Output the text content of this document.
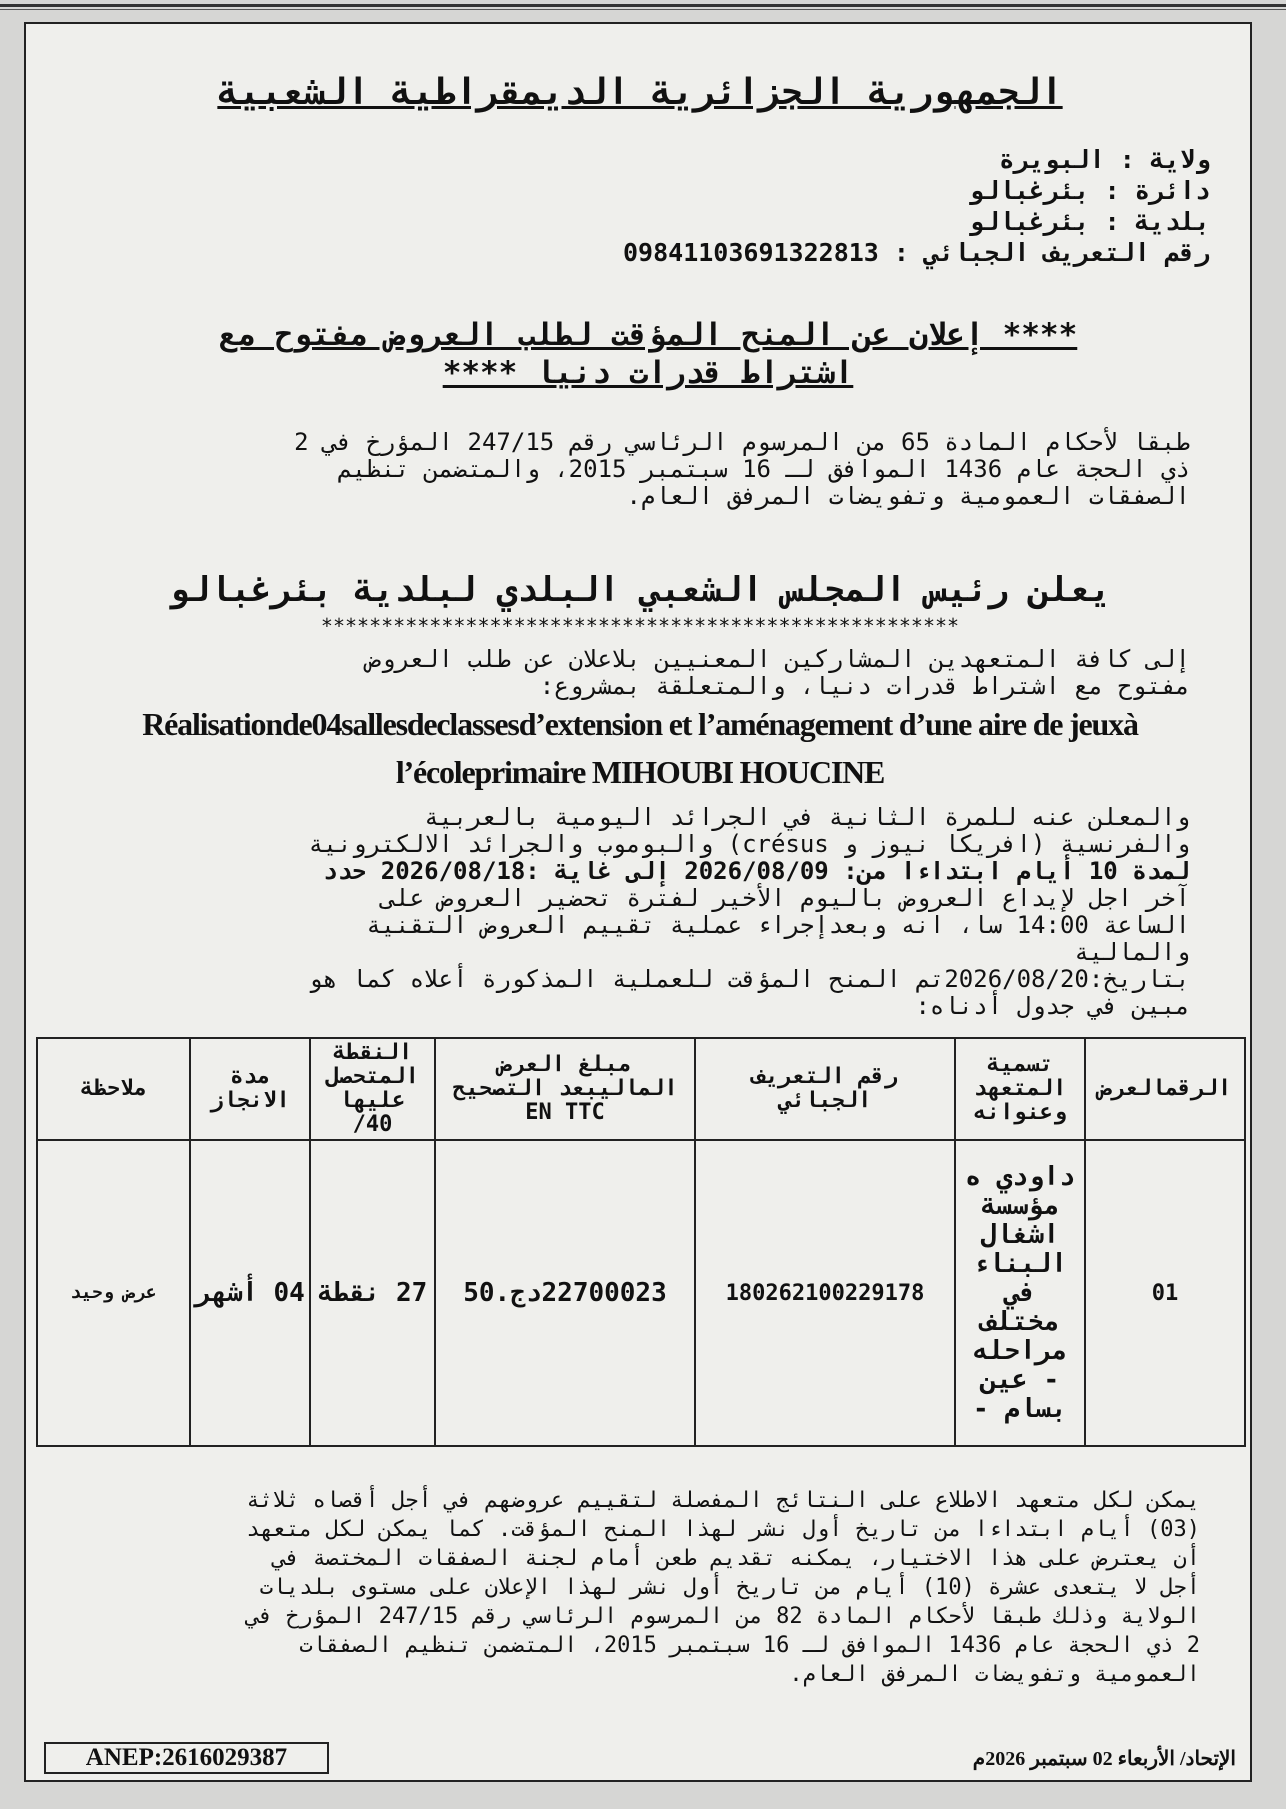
الجمهورية الجزائرية الديمقراطية الشعبية
ولاية : البويرة
دائرة : بئرغبالو
بلدية : بئرغبالو
رقم التعريف الجبائي : 09841103691322813
**** إعلان عن المنح المؤقت لطلب العروض مفتوح مع
اشتراط قدرات دنيا ****
طبقا لأحكام المادة 65 من المرسوم الرئاسي رقم 247/15 المؤرخ في 2
ذي الحجة عام 1436 الموافق لـ 16 سبتمبر 2015، والمتضمن تنظيم
الصفقات العمومية وتفويضات المرفق العام.
يعلن رئيس المجلس الشعبي البلدي لبلدية بئرغبالو
*****************************************************
إلى كافة المتعهدين المشاركين المعنيين بلاعلان عن طلب العروض
مفتوح مع اشتراط قدرات دنيا، والمتعلقة بمشروع:
Réalisationde04sallesdeclassesd’extension et l’aménagement d’une aire de jeuxà
l’écoleprimaire MIHOUBI HOUCINE
والمعلن عنه للمرة الثانية في الجرائد اليومية بالعربية
والفرنسية (افريكا نيوز و crésus) والبوموب والجرائد الالكترونية
لمدة 10 أيام ابتداءا من: 2026/08/09 إلى غاية :2026/08/18 حدد
آخر اجل لإيداع العروض باليوم الأخير لفترة تحضير العروض على
الساعة 14:00 سا، انه وبعدإجراء عملية تقييم العروض التقنية
والمالية
بتاريخ:2026/08/20تم المنح المؤقت للعملية المذكورة أعلاه كما هو
مبين في جدول أدناه:
الرقمالعرض	تسمية المتعهد وعنوانه	رقم التعريف الجبائي	مبلغ العرض الماليبعد التصحيح EN TTC	النقطة المتحصل عليها 40/	مدة الانجاز	ملاحظة
01	داودي ه مؤسسة اشغال البناء في مختلف مراحله - عين بسام -	180262100229178	22700023دج.50	27 نقطة	04 أشهر	عرض وحيد
يمكن لكل متعهد الاطلاع على النتائج المفصلة لتقييم عروضهم في أجل أقصاه ثلاثة
(03) أيام ابتداءا من تاريخ أول نشر لهذا المنح المؤقت. كما يمكن لكل متعهد
أن يعترض على هذا الاختيار، يمكنه تقديم طعن أمام لجنة الصفقات المختصة في
أجل لا يتعدى عشرة (10) أيام من تاريخ أول نشر لهذا الإعلان على مستوى بلديات
الولاية وذلك طبقا لأحكام المادة 82 من المرسوم الرئاسي رقم 247/15 المؤرخ في
2 ذي الحجة عام 1436 الموافق لـ 16 سبتمبر 2015، المتضمن تنظيم الصفقات
العمومية وتفويضات المرفق العام.
ANEP:2616029387	الإتحاد/ الأربعاء 02 سبتمبر 2026م
